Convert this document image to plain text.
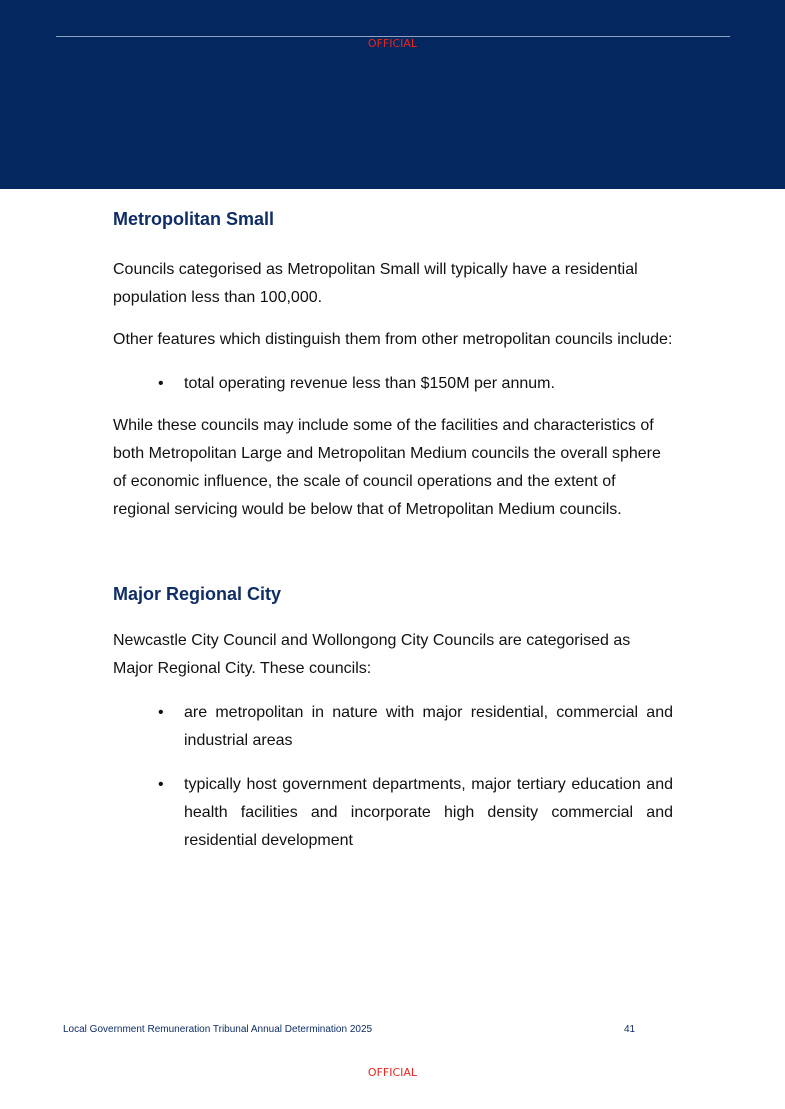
OFFICIAL
Metropolitan Small

Councils categorised as Metropolitan Small will typically have a residential population less than 100,000.

Other features which distinguish them from other metropolitan councils include:

• total operating revenue less than $150M per annum.

While these councils may include some of the facilities and characteristics of both Metropolitan Large and Metropolitan Medium councils the overall sphere of economic influence, the scale of council operations and the extent of regional servicing would be below that of Metropolitan Medium councils.

Major Regional City

Newcastle City Council and Wollongong City Councils are categorised as Major Regional City. These councils:

• are metropolitan in nature with major residential, commercial and industrial areas
• typically host government departments, major tertiary education and health facilities and incorporate high density commercial and residential development
Local Government Remuneration Tribunal Annual Determination 2025	41
OFFICIAL
